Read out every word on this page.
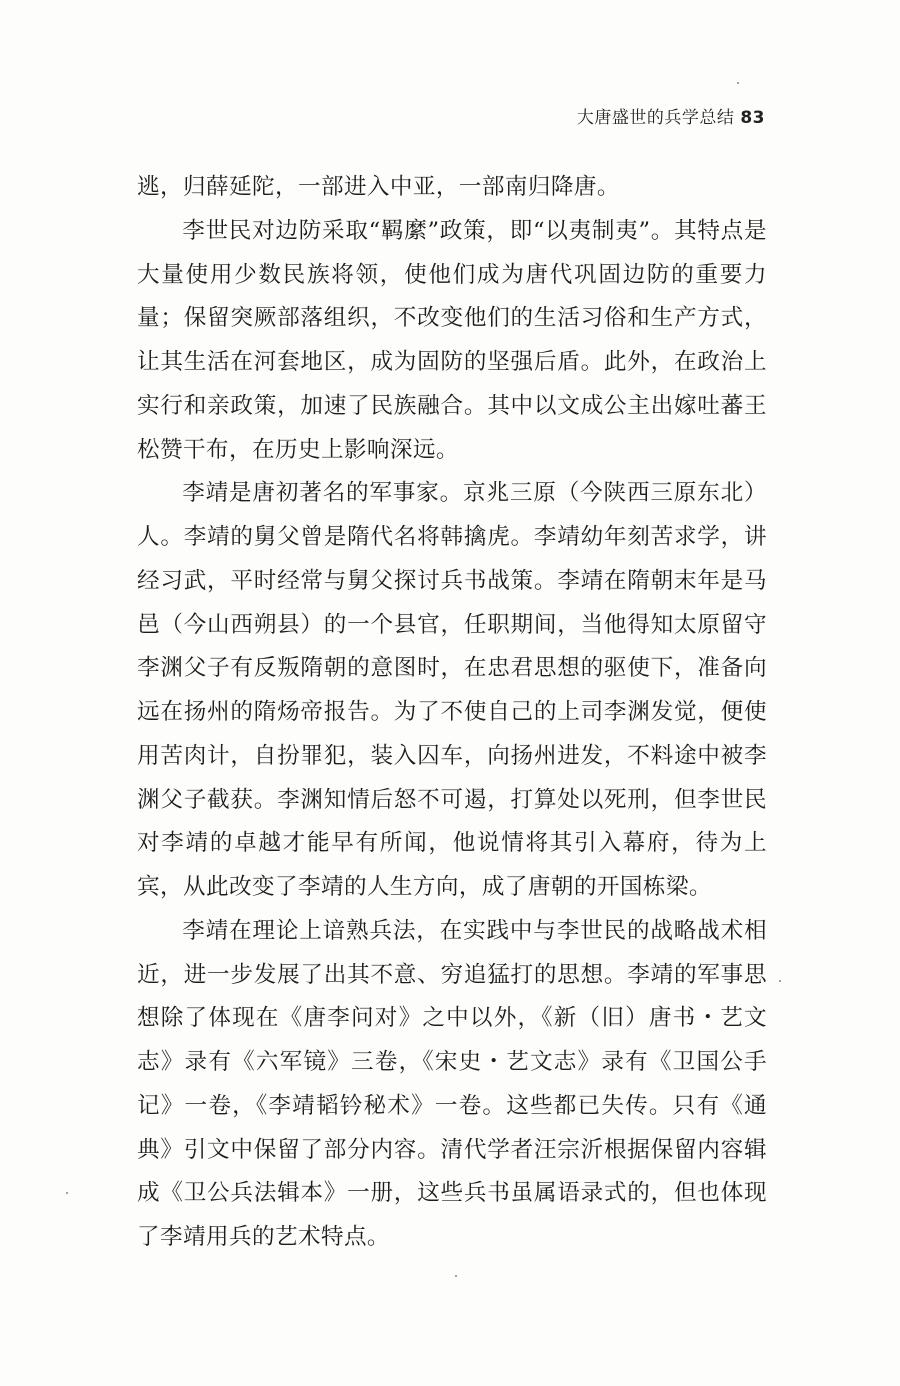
大唐盛世的兵学总结 83

逃，归薛延陀，一部进入中亚，一部南归降唐。

李世民对边防采取“羁縻”政策，即“以夷制夷”。其特点是大量使用少数民族将领，使他们成为唐代巩固边防的重要力量；保留突厥部落组织，不改变他们的生活习俗和生产方式，让其生活在河套地区，成为固防的坚强后盾。此外，在政治上实行和亲政策，加速了民族融合。其中以文成公主出嫁吐蕃王松赞干布，在历史上影响深远。

李靖是唐初著名的军事家。京兆三原（今陕西三原东北）人。李靖的舅父曾是隋代名将韩擒虎。李靖幼年刻苦求学，讲经习武，平时经常与舅父探讨兵书战策。李靖在隋朝末年是马邑（今山西朔县）的一个县官，任职期间，当他得知太原留守李渊父子有反叛隋朝的意图时，在忠君思想的驱使下，准备向远在扬州的隋炀帝报告。为了不使自己的上司李渊发觉，便使用苦肉计，自扮罪犯，装入囚车，向扬州进发，不料途中被李渊父子截获。李渊知情后怒不可遏，打算处以死刑，但李世民对李靖的卓越才能早有所闻，他说情将其引入幕府，待为上宾，从此改变了李靖的人生方向，成了唐朝的开国栋梁。

李靖在理论上谙熟兵法，在实践中与李世民的战略战术相近，进一步发展了出其不意、穷追猛打的思想。李靖的军事思想除了体现在《唐李问对》之中以外，《新（旧）唐书・艺文志》录有《六军镜》三卷，《宋史・艺文志》录有《卫国公手记》一卷，《李靖韬钤秘术》一卷。这些都已失传。只有《通典》引文中保留了部分内容。清代学者汪宗沂根据保留内容辑成《卫公兵法辑本》一册，这些兵书虽属语录式的，但也体现了李靖用兵的艺术特点。
